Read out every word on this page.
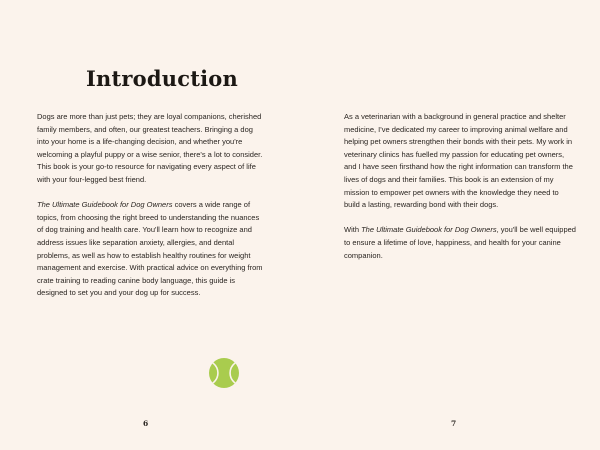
Introduction

Dogs are more than just pets; they are loyal companions, cherished family members, and often, our greatest teachers. Bringing a dog into your home is a life-changing decision, and whether you're welcoming a playful puppy or a wise senior, there's a lot to consider. This book is your go-to resource for navigating every aspect of life with your four-legged best friend.

The Ultimate Guidebook for Dog Owners covers a wide range of topics, from choosing the right breed to understanding the nuances of dog training and health care. You'll learn how to recognize and address issues like separation anxiety, allergies, and dental problems, as well as how to establish healthy routines for weight management and exercise. With practical advice on everything from crate training to reading canine body language, this guide is designed to set you and your dog up for success.

6

As a veterinarian with a background in general practice and shelter medicine, I've dedicated my career to improving animal welfare and helping pet owners strengthen their bonds with their pets. My work in veterinary clinics has fuelled my passion for educating pet owners, and I have seen firsthand how the right information can transform the lives of dogs and their families. This book is an extension of my mission to empower pet owners with the knowledge they need to build a lasting, rewarding bond with their dogs.

With The Ultimate Guidebook for Dog Owners, you'll be well equipped to ensure a lifetime of love, happiness, and health for your canine companion.

7
